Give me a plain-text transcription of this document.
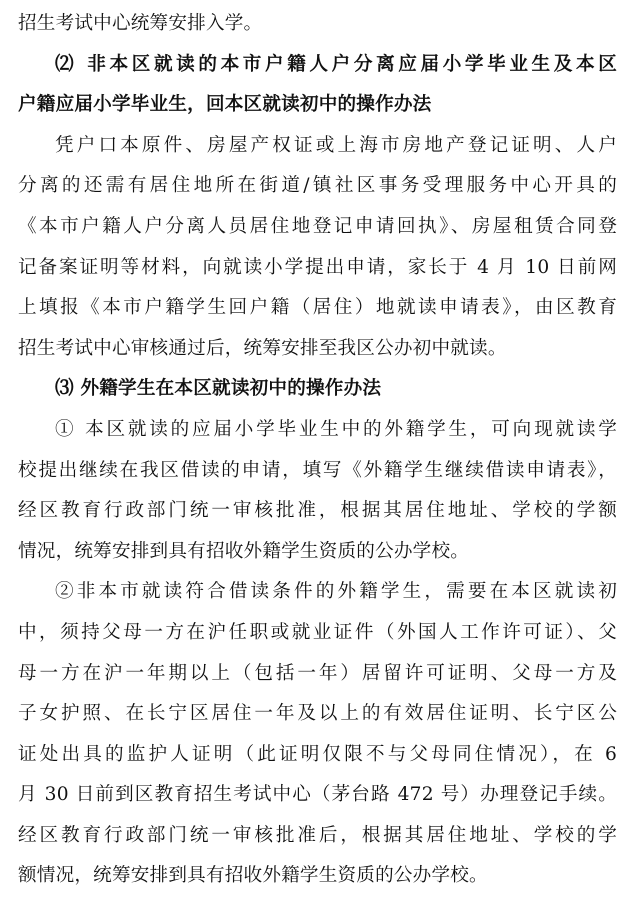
招生考试中心统筹安排入学。
⑵ 非本区就读的本市户籍人户分离应届小学毕业生及本区
户籍应届小学毕业生，回本区就读初中的操作办法
凭户口本原件、房屋产权证或上海市房地产登记证明、人户
分离的还需有居住地所在街道/镇社区事务受理服务中心开具的
《本市户籍人户分离人员居住地登记申请回执》、房屋租赁合同登
记备案证明等材料，向就读小学提出申请，家长于 4 月 10 日前网
上填报《本市户籍学生回户籍（居住）地就读申请表》，由区教育
招生考试中心审核通过后，统筹安排至我区公办初中就读。
⑶ 外籍学生在本区就读初中的操作办法
① 本区就读的应届小学毕业生中的外籍学生，可向现就读学
校提出继续在我区借读的申请，填写《外籍学生继续借读申请表》，
经区教育行政部门统一审核批准，根据其居住地址、学校的学额
情况，统筹安排到具有招收外籍学生资质的公办学校。
②非本市就读符合借读条件的外籍学生，需要在本区就读初
中，须持父母一方在沪任职或就业证件（外国人工作许可证）、父
母一方在沪一年期以上（包括一年）居留许可证明、父母一方及
子女护照、在长宁区居住一年及以上的有效居住证明、长宁区公
证处出具的监护人证明（此证明仅限不与父母同住情况），在 6
月 30 日前到区教育招生考试中心（茅台路 472 号）办理登记手续。
经区教育行政部门统一审核批准后，根据其居住地址、学校的学
额情况，统筹安排到具有招收外籍学生资质的公办学校。
